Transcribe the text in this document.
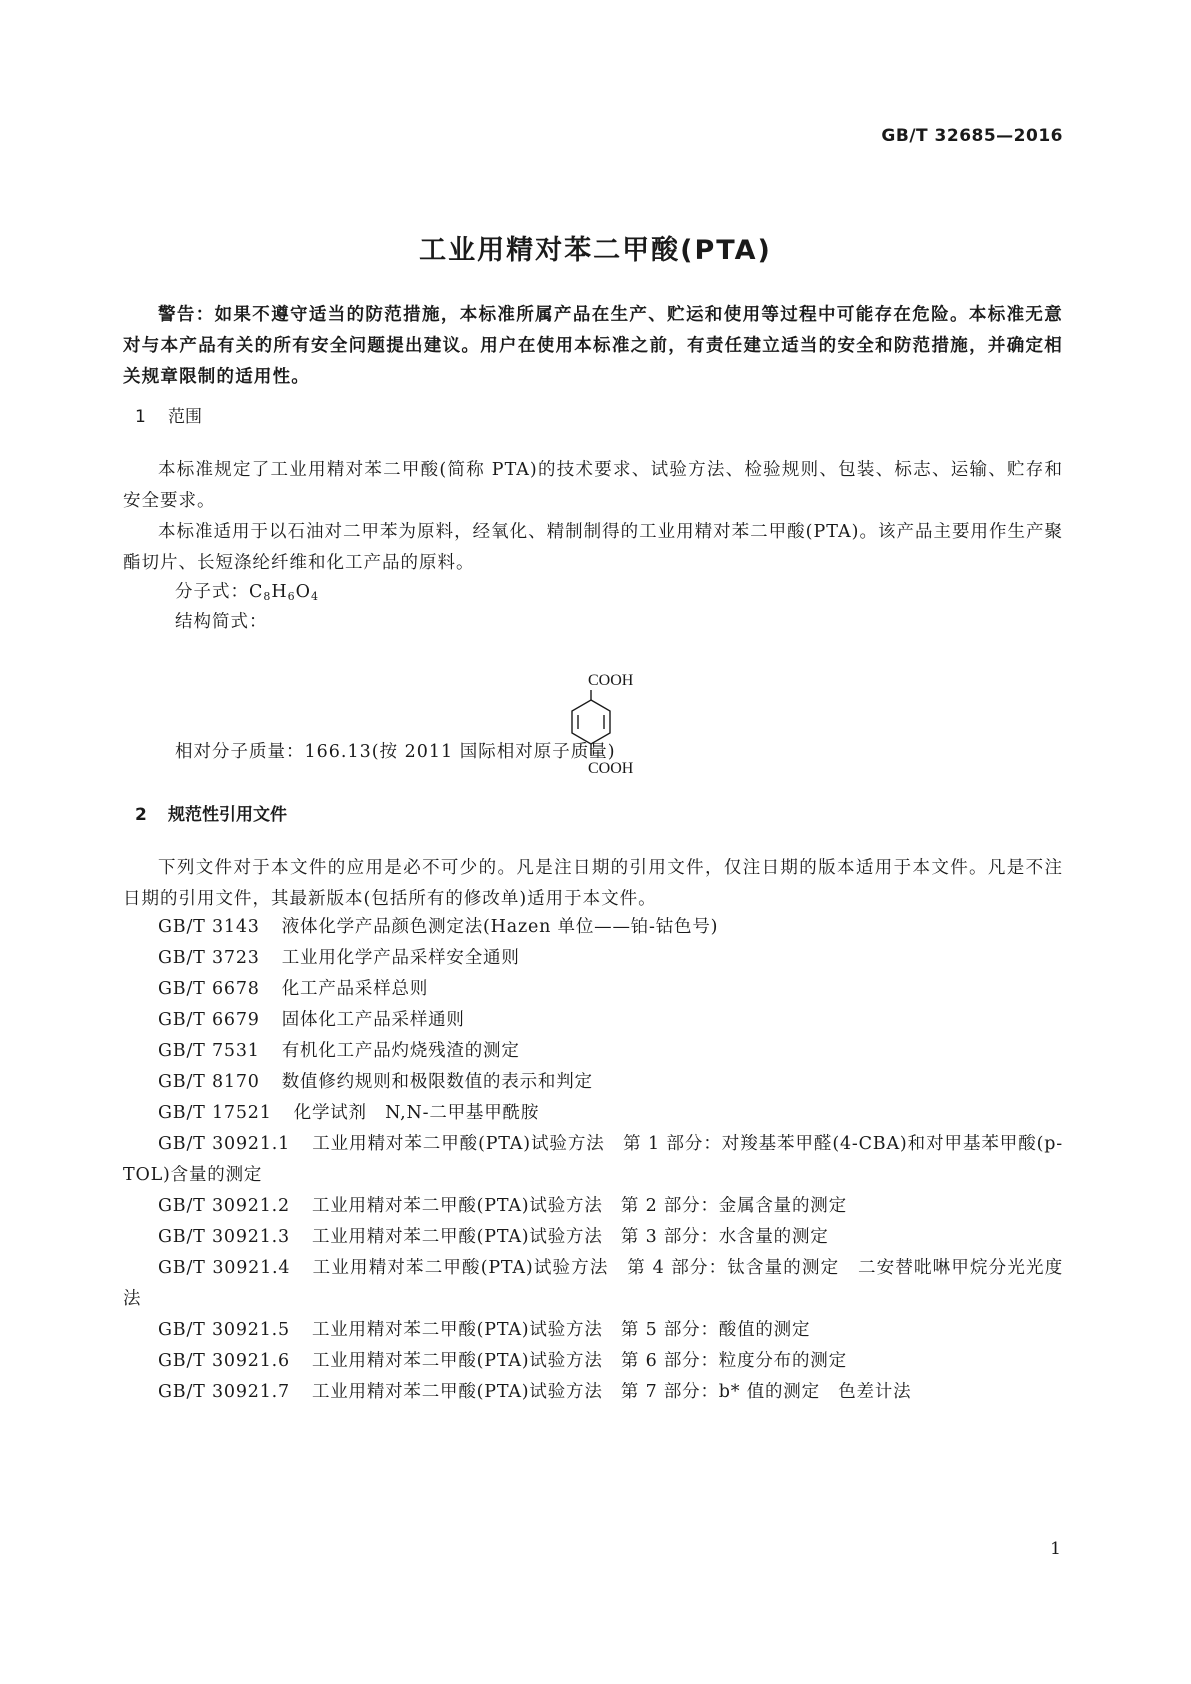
GB/T 32685—2016
工业用精对苯二甲酸(PTA)

警告：如果不遵守适当的防范措施，本标准所属产品在生产、贮运和使用等过程中可能存在危险。本标准无意对与本产品有关的所有安全问题提出建议。用户在使用本标准之前，有责任建立适当的安全和防范措施，并确定相关规章限制的适用性。

1 范围

本标准规定了工业用精对苯二甲酸(简称 PTA)的技术要求、试验方法、检验规则、包装、标志、运输、贮存和安全要求。

本标准适用于以石油对二甲苯为原料，经氧化、精制制得的工业用精对苯二甲酸(PTA)。该产品主要用作生产聚酯切片、长短涤纶纤维和化工产品的原料。

分子式：C8H6O4
结构简式：
COOH
COOH
相对分子质量：166.13(按 2011 国际相对原子质量)
2 规范性引用文件

下列文件对于本文件的应用是必不可少的。凡是注日期的引用文件，仅注日期的版本适用于本文件。凡是不注日期的引用文件，其最新版本(包括所有的修改单)适用于本文件。

GB/T 3143 液体化学产品颜色测定法(Hazen 单位——铂-钴色号)
GB/T 3723 工业用化学产品采样安全通则
GB/T 6678 化工产品采样总则
GB/T 6679 固体化工产品采样通则
GB/T 7531 有机化工产品灼烧残渣的测定
GB/T 8170 数值修约规则和极限数值的表示和判定
GB/T 17521 化学试剂　N,N-二甲基甲酰胺
GB/T 30921.1 工业用精对苯二甲酸(PTA)试验方法　第 1 部分：对羧基苯甲醛(4-CBA)和对甲基苯甲酸(p-TOL)含量的测定
GB/T 30921.2 工业用精对苯二甲酸(PTA)试验方法　第 2 部分：金属含量的测定
GB/T 30921.3 工业用精对苯二甲酸(PTA)试验方法　第 3 部分：水含量的测定
GB/T 30921.4 工业用精对苯二甲酸(PTA)试验方法　第 4 部分：钛含量的测定　二安替吡啉甲烷分光光度法
GB/T 30921.5 工业用精对苯二甲酸(PTA)试验方法　第 5 部分：酸值的测定
GB/T 30921.6 工业用精对苯二甲酸(PTA)试验方法　第 6 部分：粒度分布的测定
GB/T 30921.7 工业用精对苯二甲酸(PTA)试验方法　第 7 部分：b* 值的测定　色差计法
1
